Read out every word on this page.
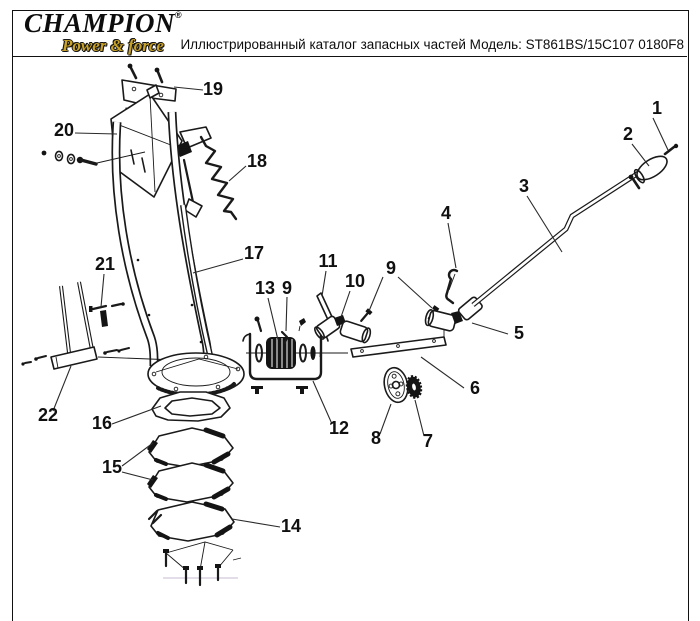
CHAMPION®
Power & force Иллюстрированный каталог запасных частей Модель: ST861BS/15C107 0180F8
1
2
3
4
5
6
7
8
9
9	10
11
12
13
14
15
16
17
18
19
20
21
22
